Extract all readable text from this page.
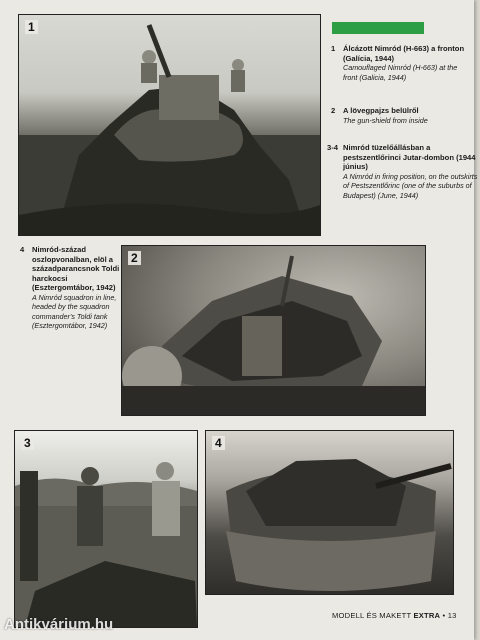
1
1 Álcázott Nimród (H-663) a fronton (Galícia, 1944)
Camouflaged Nimród (H-663) at the front (Galicia, 1944)
2 A lövegpajzs belülről
The gun-shield from inside
3-4 Nimród tüzelőállásban a pestszentlőrinci Jutar-dombon (1944 június)
A Nimród in firing position, on the outskirts of Pestszentlőrinc (one of the suburbs of Budapest) (June, 1944)
4 Nimród-század oszlopvonalban, elöl a századparancsnok Toldi harckocsi (Esztergomtábor, 1942)
A Nimród squadron in line, headed by the squadron commander's Toldi tank (Esztergomtábor, 1942)
2
3	4
MODELL ÉS MAKETT EXTRA • 13
Antikvárium.hu
